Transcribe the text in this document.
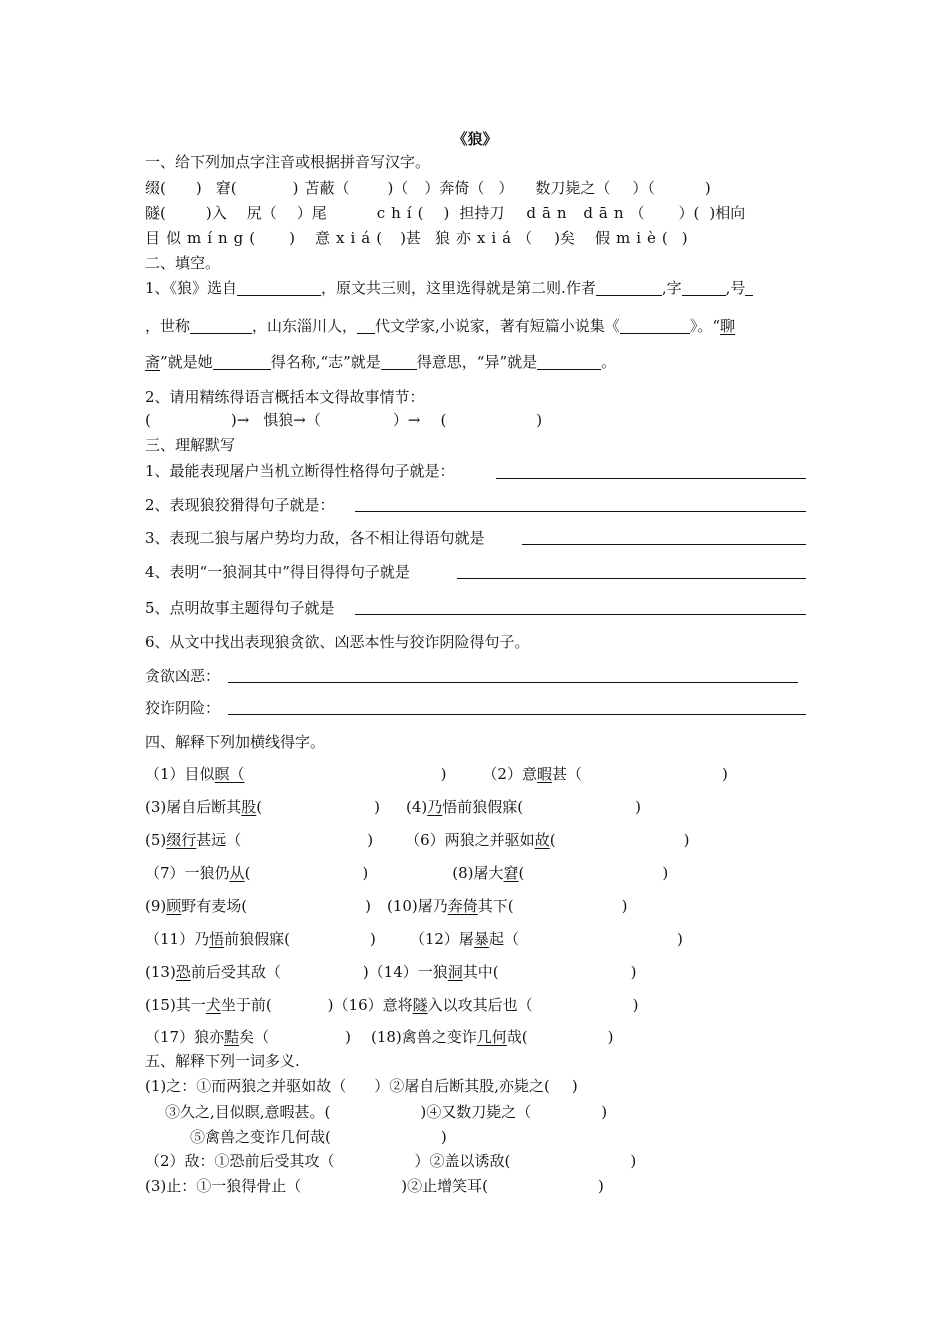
《狼》
一、给下列加点字注音或根据拼音写汉字。
缀( ) 窘(	) 苫蔽（	)（ ）奔倚（ ） 数刀毙之（ ）（	)
隧(	)入 尻（ ）尾	chí( ) 担持刀 dān dān（ ）( )相向
目似míng( ) 意xiá( )甚 狼亦xiá（ )矣 假miè( )
二、填空。
1、《狼》选自	，原文共三则，这里选得就是第二则.作者	,字	,号
，世称	，山东淄川人， 代文学家,小说家，著有短篇小说集《	》。“聊
斋”就是她	得名称,“志”就是 得意思，“异”就是	。
2、请用精练得语言概括本文得故事情节：
(	)→ 惧狼→（	）→ (	)
三、理解默写
1、最能表现屠户当机立断得性格得句子就是：
2、表现狼狡猾得句子就是：
3、表现二狼与屠户势均力敌，各不相让得语句就是
4、表明“一狼洞其中”得目得得句子就是
5、点明故事主题得句子就是
6、从文中找出表现狼贪欲、凶恶本性与狡诈阴险得句子。
贪欲凶恶：
狡诈阴险：
四、解释下列加横线得字。
（1）目似瞑（	) （2）意暇甚（	)
(3)屠自后断其股(	) (4)乃悟前狼假寐(	)
(5)缀行甚远（	) （6）两狼之并驱如故(	)
（7）一狼仍从(	)	(8)屠大窘(	)
(9)顾野有麦场(	) (10)屠乃奔倚其下(	)
（11）乃悟前狼假寐(	) （12）屠暴起（	)
(13)恐前后受其敌（	)（14）一狼洞其中(	)
(15)其一犬坐于前(	)（16）意将隧入以攻其后也（	)
（17）狼亦黠矣（	) (18)禽兽之变诈几何哉(	)
五、解释下列一词多义.
(1)之：①而两狼之并驱如故（ ）②屠自后断其股,亦毙之( )
③久之,目似瞑,意暇甚。(	)④又数刀毙之（	)
⑤禽兽之变诈几何哉(	)
（2）敌：①恐前后受其攻（	）②盖以诱敌(	)
(3)止：①一狼得骨止（	)②止增笑耳(	)
